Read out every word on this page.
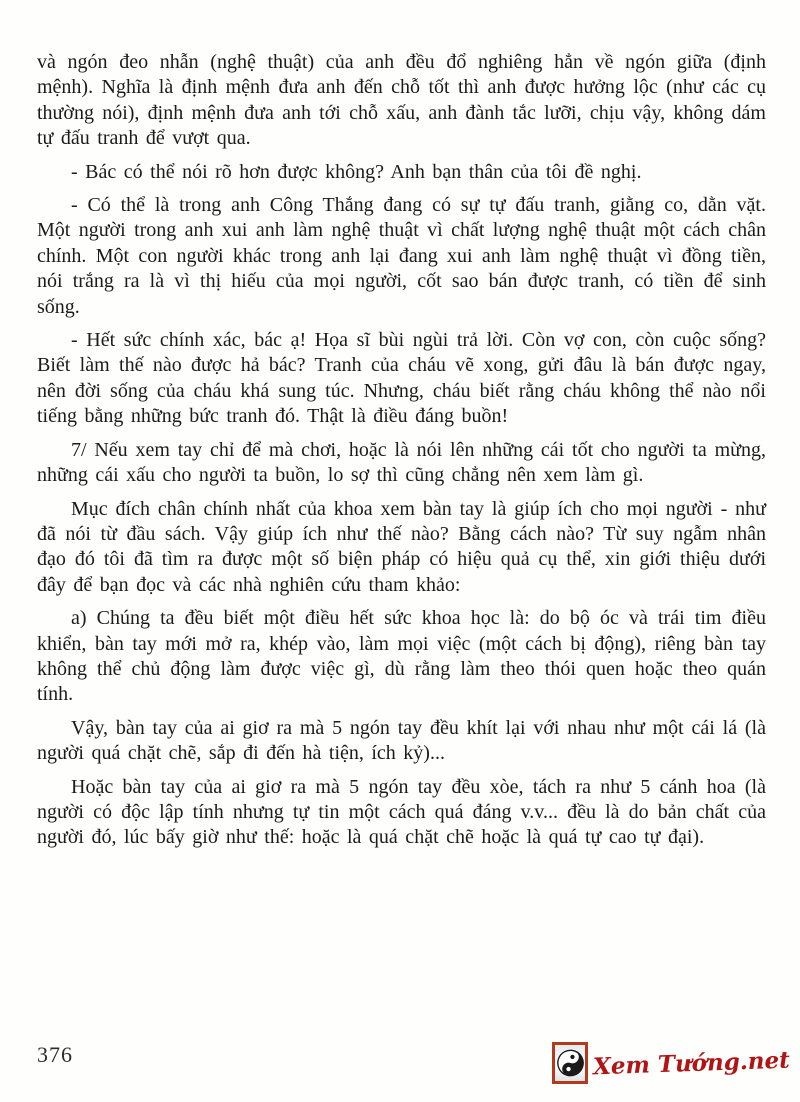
và ngón đeo nhẫn (nghệ thuật) của anh đều đổ nghiêng hẳn về ngón giữa (định mệnh). Nghĩa là định mệnh đưa anh đến chỗ tốt thì anh được hưởng lộc (như các cụ thường nói), định mệnh đưa anh tới chỗ xấu, anh đành tắc lưỡi, chịu vậy, không dám tự đấu tranh để vượt qua.

- Bác có thể nói rõ hơn được không? Anh bạn thân của tôi đề nghị.

- Có thể là trong anh Công Thắng đang có sự tự đấu tranh, giằng co, dằn vặt. Một người trong anh xui anh làm nghệ thuật vì chất lượng nghệ thuật một cách chân chính. Một con người khác trong anh lại đang xui anh làm nghệ thuật vì đồng tiền, nói trắng ra là vì thị hiếu của mọi người, cốt sao bán được tranh, có tiền để sinh sống.

- Hết sức chính xác, bác ạ! Họa sĩ bùi ngùi trả lời. Còn vợ con, còn cuộc sống? Biết làm thế nào được hả bác? Tranh của cháu vẽ xong, gửi đâu là bán được ngay, nên đời sống của cháu khá sung túc. Nhưng, cháu biết rằng cháu không thể nào nổi tiếng bằng những bức tranh đó. Thật là điều đáng buồn!

7/ Nếu xem tay chỉ để mà chơi, hoặc là nói lên những cái tốt cho người ta mừng, những cái xấu cho người ta buồn, lo sợ thì cũng chẳng nên xem làm gì.

Mục đích chân chính nhất của khoa xem bàn tay là giúp ích cho mọi người - như đã nói từ đầu sách. Vậy giúp ích như thế nào? Bằng cách nào? Từ suy ngẫm nhân đạo đó tôi đã tìm ra được một số biện pháp có hiệu quả cụ thể, xin giới thiệu dưới đây để bạn đọc và các nhà nghiên cứu tham khảo:

a) Chúng ta đều biết một điều hết sức khoa học là: do bộ óc và trái tim điều khiển, bàn tay mới mở ra, khép vào, làm mọi việc (một cách bị động), riêng bàn tay không thể chủ động làm được việc gì, dù rằng làm theo thói quen hoặc theo quán tính.

Vậy, bàn tay của ai giơ ra mà 5 ngón tay đều khít lại với nhau như một cái lá (là người quá chặt chẽ, sắp đi đến hà tiện, ích kỷ)...

Hoặc bàn tay của ai giơ ra mà 5 ngón tay đều xòe, tách ra như 5 cánh hoa (là người có độc lập tính nhưng tự tin một cách quá đáng v.v... đều là do bản chất của người đó, lúc bấy giờ như thế: hoặc là quá chặt chẽ hoặc là quá tự cao tự đại).

376	Xem Tướng.net
